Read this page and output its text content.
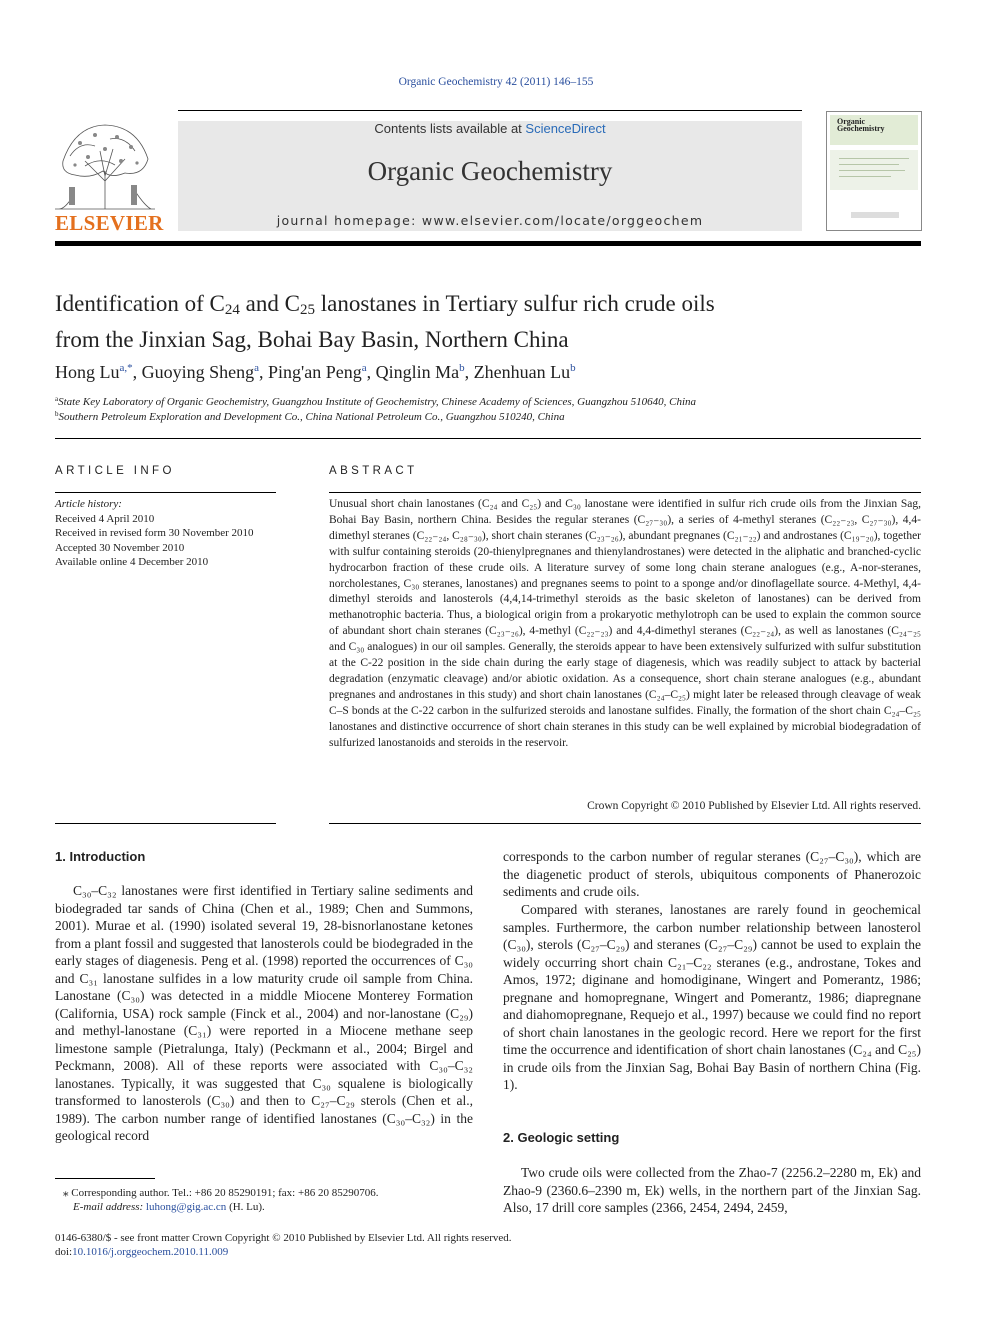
Organic Geochemistry 42 (2011) 146–155
ELSEVIER
Contents lists available at ScienceDirect
Organic Geochemistry
journal homepage: www.elsevier.com/locate/orggeochem
Organic Geochemistry
Identification of $C_{24}$ and $C_{25}$ lanostanes in Tertiary sulfur rich crude oils
from the Jinxian Sag, Bohai Bay Basin, Northern China
Hong $Lu^{a,*}$, Guoying Sheng$^a$, Ping'an Peng$^a$, Qinglin Ma$^b$, Zhenhuan Lu$^b$
$^a$State Key Laboratory of Organic Geochemistry, Guangzhou Institute of Geochemistry, Chinese Academy of Sciences, Guangzhou 510640, China
$^b$Southern Petroleum Exploration and Development Co., China National Petroleum Co., Guangzhou 510240, China
ARTICLE INFO
Article history:
Received 4 April 2010
Received in revised form 30 November 2010
Accepted 30 November 2010
Available online 4 December 2010
ABSTRACT
Unusual short chain lanostanes (C₂₄ and C₂₅) and C₃₀ lanostane were identified in sulfur rich crude oils from the Jinxian Sag, Bohai Bay Basin, northern China. Besides the regular steranes (C₂₇₋₃₀), a series of 4-methyl steranes (C₂₂₋₂₃, C₂₇₋₃₀), 4,4-dimethyl steranes (C₂₂₋₂₄, C₂₈₋₃₀), short chain steranes (C₂₃₋₂₆), abundant pregnanes (C₂₁₋₂₂) and androstanes (C₁₉₋₂₀), together with sulfur containing steroids (20-thienylpregnanes and thienylandrostanes) were detected in the aliphatic and branched-cyclic hydrocarbon fraction of these crude oils. A literature survey of some long chain sterane analogues (e.g., A-nor-steranes, norcholestanes, C₃₀ steranes, lanostanes) and pregnanes seems to point to a sponge and/or dinoflagellate source. 4-Methyl, 4,4-dimethyl steroids and lanosterols (4,4,14-trimethyl steroids as the basic skeleton of lanostanes) can be derived from methanotrophic bacteria. Thus, a biological origin from a prokaryotic methylotroph can be used to explain the common source of abundant short chain steranes (C₂₃₋₂₆), 4-methyl (C₂₂₋₂₃) and 4,4-dimethyl steranes (C₂₂₋₂₄), as well as lanostanes (C₂₄₋₂₅ and C₃₀ analogues) in our oil samples. Generally, the steroids appear to have been extensively sulfurized with sulfur substitution at the C-22 position in the side chain during the early stage of diagenesis, which was readily subject to attack by bacterial degradation (enzymatic cleavage) and/or abiotic oxidation. As a consequence, short chain sterane analogues (e.g., abundant pregnanes and androstanes in this study) and short chain lanostanes (C₂₄–C₂₅) might later be released through cleavage of weak C–S bonds at the C-22 carbon in the sulfurized steroids and lanostane sulfides. Finally, the formation of the short chain C₂₄–C₂₅ lanostanes and distinctive occurrence of short chain steranes in this study can be well explained by microbial biodegradation of sulfurized lanostanoids and steroids in the reservoir.
Crown Copyright © 2010 Published by Elsevier Ltd. All rights reserved.
1. Introduction
C₃₀–C₃₂ lanostanes were first identified in Tertiary saline sediments and biodegraded tar sands of China (Chen et al., 1989; Chen and Summons, 2001). Murae et al. (1990) isolated several 19, 28-bisnorlanostane ketones from a plant fossil and suggested that lanosterols could be biodegraded in the early stages of diagenesis. Peng et al. (1998) reported the occurrences of C₃₀ and C₃₁ lanostane sulfides in a low maturity crude oil sample from China. Lanostane (C₃₀) was detected in a middle Miocene Monterey Formation (California, USA) rock sample (Finck et al., 2004) and nor-lanostane (C₂₉) and methyl-lanostane (C₃₁) were reported in a Miocene methane seep limestone sample (Pietralunga, Italy) (Peckmann et al., 2004; Birgel and Peckmann, 2008). All of these reports were associated with C₃₀–C₃₂ lanostanes. Typically, it was suggested that C₃₀ squalene is biologically transformed to lanosterols (C₃₀) and then to C₂₇–C₂₉ sterols (Chen et al., 1989). The carbon number range of identified lanostanes (C₃₀–C₃₂) in the geological record
corresponds to the carbon number of regular steranes (C₂₇–C₃₀), which are the diagenetic product of sterols, ubiquitous components of Phanerozoic sediments and crude oils.
Compared with steranes, lanostanes are rarely found in geochemical samples. Furthermore, the carbon number relationship between lanosterol (C₃₀), sterols (C₂₇–C₂₉) and steranes (C₂₇–C₂₉) cannot be used to explain the widely occurring short chain C₂₁–C₂₂ steranes (e.g., androstane, Tokes and Amos, 1972; diginane and homodiginane, Wingert and Pomerantz, 1986; pregnane and homopregnane, Wingert and Pomerantz, 1986; diapregnane and diahomopregnane, Requejo et al., 1997) because we could find no report of short chain lanostanes in the geologic record. Here we report for the first time the occurrence and identification of short chain lanostanes (C₂₄ and C₂₅) in crude oils from the Jinxian Sag, Bohai Bay Basin of northern China (Fig. 1).
2. Geologic setting
Two crude oils were collected from the Zhao-7 (2256.2–2280 m, Ek) and Zhao-9 (2360.6–2390 m, Ek) wells, in the northern part of the Jinxian Sag. Also, 17 drill core samples (2366, 2454, 2494, 2459,
⁎ Corresponding author. Tel.: +86 20 85290191; fax: +86 20 85290706.
E-mail address: luhong@gig.ac.cn (H. Lu).
0146-6380/$ - see front matter Crown Copyright © 2010 Published by Elsevier Ltd. All rights reserved.
doi:10.1016/j.orggeochem.2010.11.009
